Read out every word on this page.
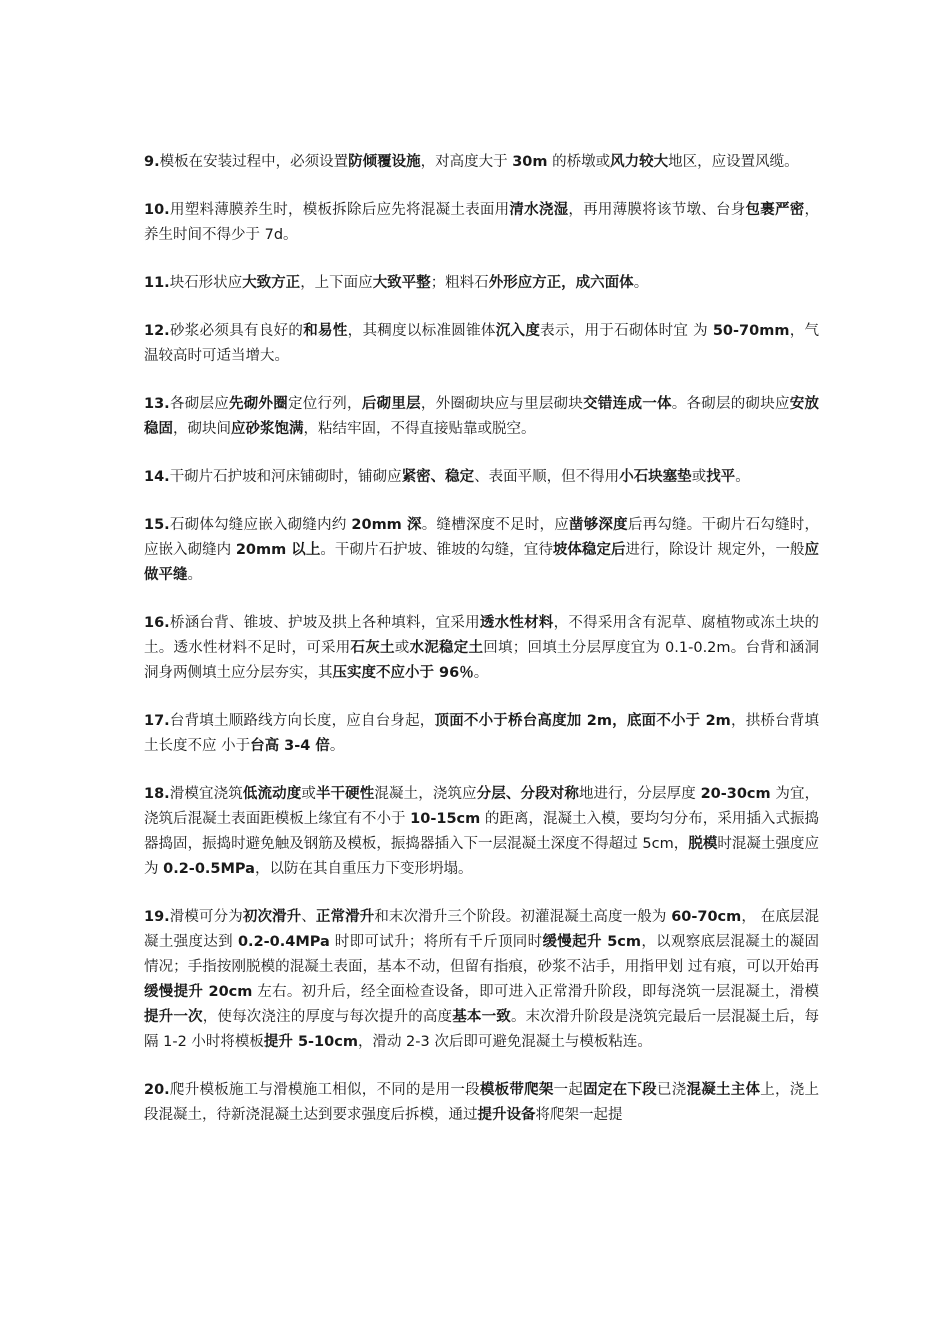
9.模板在安装过程中，必须设置防倾覆设施，对高度大于 30m 的桥墩或风力较大地区，应设置风缆。

10.用塑料薄膜养生时，模板拆除后应先将混凝土表面用清水浇湿，再用薄膜将该节墩、台身包裹严密，养生时间不得少于 7d。

11.块石形状应大致方正，上下面应大致平整；粗料石外形应方正，成六面体。

12.砂浆必须具有良好的和易性，其稠度以标准圆锥体沉入度表示，用于石砌体时宜 为 50-70mm，气温较高时可适当增大。

13.各砌层应先砌外圈定位行列，后砌里层，外圈砌块应与里层砌块交错连成一体。各砌层的砌块应安放稳固，砌块间应砂浆饱满，粘结牢固，不得直接贴靠或脱空。

14.干砌片石护坡和河床铺砌时，铺砌应紧密、稳定、表面平顺，但不得用小石块塞垫或找平。

15.石砌体勾缝应嵌入砌缝内约 20mm 深。缝槽深度不足时，应凿够深度后再勾缝。干砌片石勾缝时，应嵌入砌缝内 20mm 以上。干砌片石护坡、锥坡的勾缝，宜待坡体稳定后进行，除设计 规定外，一般应做平缝。

16.桥涵台背、锥坡、护坡及拱上各种填料，宜采用透水性材料，不得采用含有泥草、腐植物或冻土块的土。透水性材料不足时，可采用石灰土或水泥稳定土回填；回填土分层厚度宜为 0.1-0.2m。台背和涵洞洞身两侧填土应分层夯实，其压实度不应小于 96％。

17.台背填土顺路线方向长度，应自台身起，顶面不小于桥台高度加 2m，底面不小于 2m，拱桥台背填土长度不应 小于台高 3-4 倍。

18.滑模宜浇筑低流动度或半干硬性混凝土，浇筑应分层、分段对称地进行，分层厚度 20-30cm 为宜，浇筑后混凝土表面距模板上缘宜有不小于 10-15cm 的距离，混凝土入模，要均匀分布，采用插入式振捣器捣固，振捣时避免触及钢筋及模板，振捣器插入下一层混凝土深度不得超过 5cm，脱模时混凝土强度应为 0.2-0.5MPa，以防在其自重压力下变形坍塌。

19.滑模可分为初次滑升、正常滑升和末次滑升三个阶段。初灌混凝土高度一般为 60-70cm， 在底层混凝土强度达到 0.2-0.4MPa 时即可试升；将所有千斤顶同时缓慢起升 5cm，以观察底层混凝土的凝固情况；手指按刚脱模的混凝土表面，基本不动，但留有指痕，砂浆不沾手，用指甲划 过有痕，可以开始再缓慢提升 20cm 左右。初升后，经全面检查设备，即可进入正常滑升阶段，即每浇筑一层混凝土，滑模提升一次，使每次浇注的厚度与每次提升的高度基本一致。末次滑升阶段是浇筑完最后一层混凝土后，每隔 1-2 小时将模板提升 5-10cm，滑动 2-3 次后即可避免混凝土与模板粘连。

20.爬升模板施工与滑模施工相似，不同的是用一段模板带爬架一起固定在下段已浇混凝土主体上，浇上段混凝土，待新浇混凝土达到要求强度后拆模，通过提升设备将爬架一起提
